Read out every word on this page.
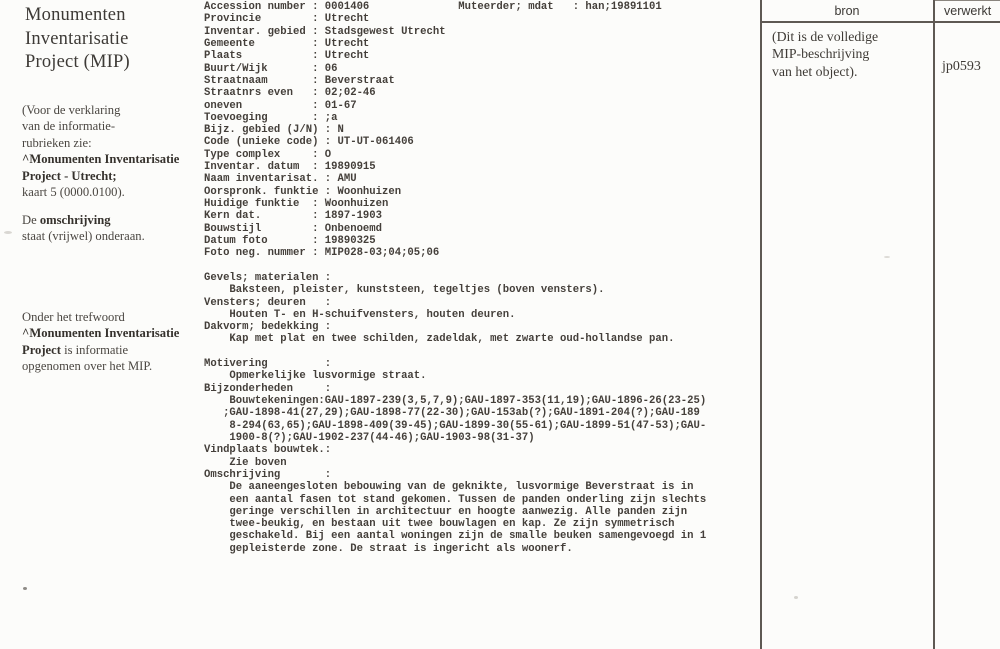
Monumenten
Inventarisatie
Project (MIP)
(Voor de verklaring
van de informatie-
rubrieken zie:
^Monumenten Inventarisatie
Project - Utrecht;
kaart 5 (0000.0100).
De omschrijving
staat (vrijwel) onderaan.
Onder het trefwoord
^Monumenten Inventarisatie
Project is informatie
opgenomen over het MIP.
Accession number : 0001406              Muteerder; mdat   : han;19891101
Provincie        : Utrecht
Inventar. gebied : Stadsgewest Utrecht
Gemeente         : Utrecht
Plaats           : Utrecht
Buurt/Wijk       : 06
Straatnaam       : Beverstraat
Straatnrs even   : 02;02-46
oneven           : 01-67
Toevoeging       : ;a
Bijz. gebied (J/N) : N
Code (unieke code) : UT-UT-061406
Type complex     : O
Inventar. datum  : 19890915
Naam inventarisat. : AMU
Oorspronk. funktie : Woonhuizen
Huidige funktie  : Woonhuizen
Kern dat.        : 1897-1903
Bouwstijl        : Onbenoemd
Datum foto       : 19890325
Foto neg. nummer : MIP028-03;04;05;06

Gevels; materialen :
Baksteen, pleister, kunststeen, tegeltjes (boven vensters).
Vensters; deuren   :
Houten T- en H-schuifvensters, houten deuren.
Dakvorm; bedekking :
Kap met plat en twee schilden, zadeldak, met zwarte oud-hollandse pan.

Motivering         :
Opmerkelijke lusvormige straat.
Bijzonderheden     :
Bouwtekeningen:GAU-1897-239(3,5,7,9);GAU-1897-353(11,19);GAU-1896-26(23-25)
;GAU-1898-41(27,29);GAU-1898-77(22-30);GAU-153ab(?);GAU-1891-204(?);GAU-189
8-294(63,65);GAU-1898-409(39-45);GAU-1899-30(55-61);GAU-1899-51(47-53);GAU-
1900-8(?);GAU-1902-237(44-46);GAU-1903-98(31-37)
Vindplaats bouwtek.:
Zie boven
Omschrijving       :
De aaneengesloten bebouwing van de geknikte, lusvormige Beverstraat is in
een aantal fasen tot stand gekomen. Tussen de panden onderling zijn slechts
geringe verschillen in architectuur en hoogte aanwezig. Alle panden zijn
twee-beukig, en bestaan uit twee bouwlagen en kap. Ze zijn symmetrisch
geschakeld. Bij een aantal woningen zijn de smalle beuken samengevoegd in 1
gepleisterde zone. De straat is ingericht als woonerf.
bron	verwerkt
(Dit is de volledige
MIP-beschrijving
van het object).	jp0593
